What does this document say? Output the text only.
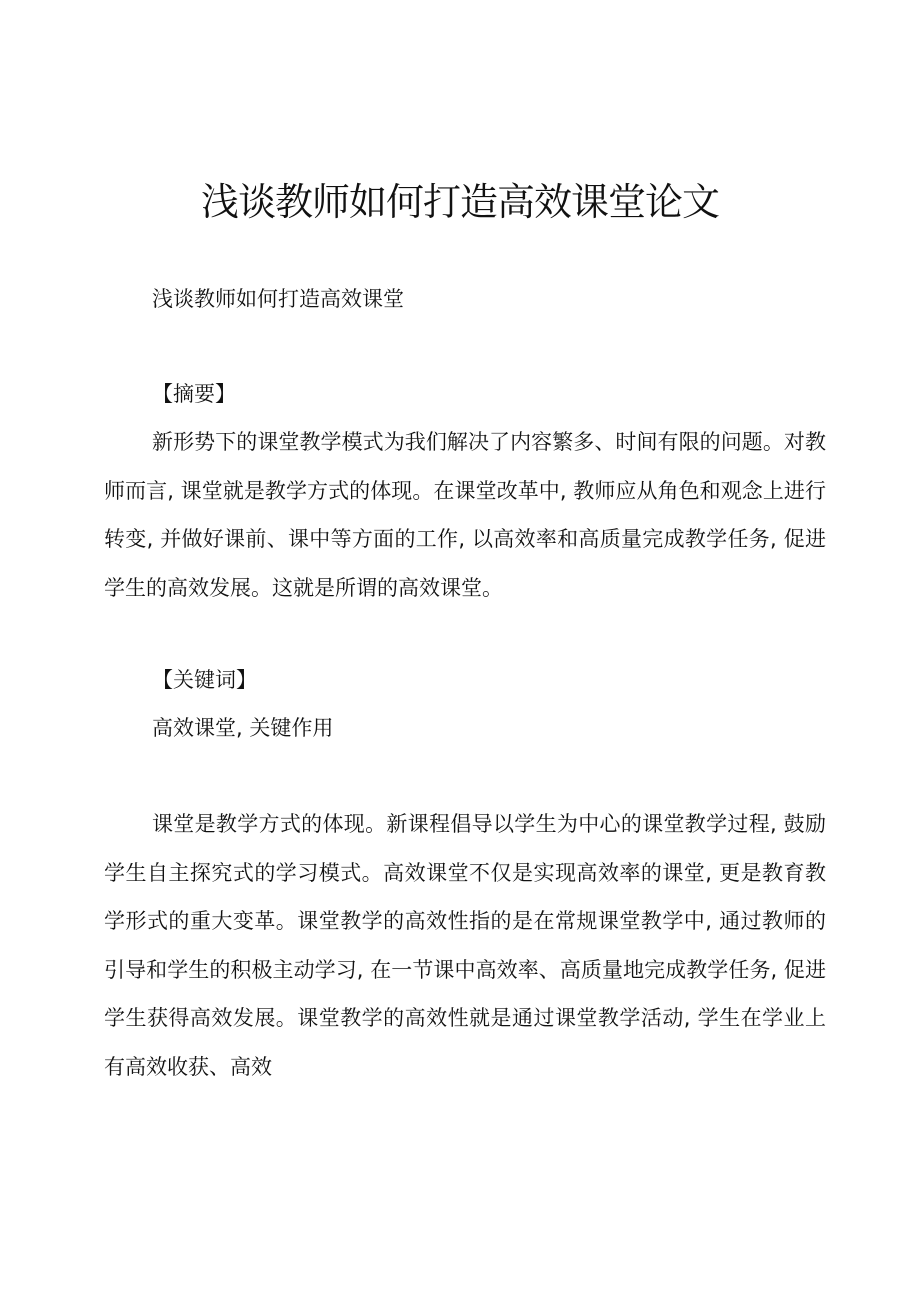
浅谈教师如何打造高效课堂论文

浅谈教师如何打造高效课堂

【摘要】

新形势下的课堂教学模式为我们解决了内容繁多、时间有限的问题。对教师而言, 课堂就是教学方式的体现。在课堂改革中, 教师应从角色和观念上进行转变, 并做好课前、课中等方面的工作, 以高效率和高质量完成教学任务, 促进学生的高效发展。这就是所谓的高效课堂。

【关键词】

高效课堂, 关键作用

课堂是教学方式的体现。新课程倡导以学生为中心的课堂教学过程, 鼓励学生自主探究式的学习模式。高效课堂不仅是实现高效率的课堂, 更是教育教学形式的重大变革。课堂教学的高效性指的是在常规课堂教学中, 通过教师的引导和学生的积极主动学习, 在一节课中高效率、高质量地完成教学任务, 促进学生获得高效发展。课堂教学的高效性就是通过课堂教学活动, 学生在学业上有高效收获、高效
